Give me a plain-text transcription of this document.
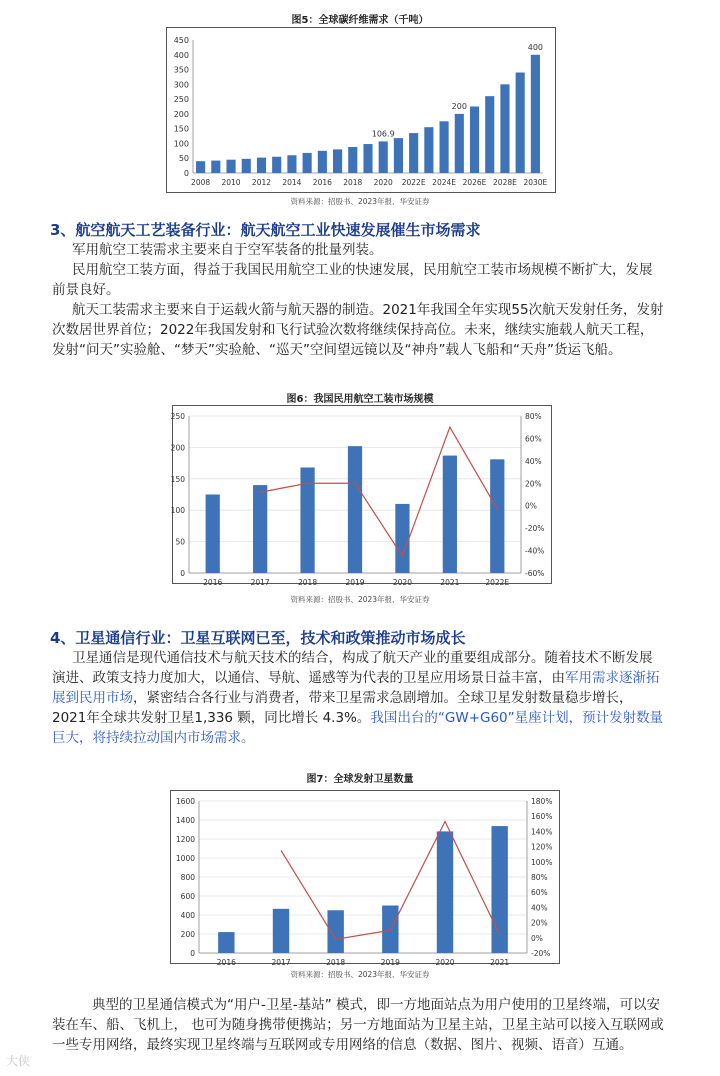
图5：全球碳纤维需求（千吨）
0
50
100
150
200
250
300
350
400
450
2008 2010 2012 2014 2016 2018 2020 2022E 2024E 2026E 2028E 2030E
200
400
106.9
资料来源：招股书、2023年报、华安证券
3、航空航天工艺装备行业：航天航空工业快速发展催生市场需求

军用航空工装需求主要来自于空军装备的批量列装。

民用航空工装方面，得益于我国民用航空工业的快速发展，民用航空工装市场规模不断扩大，发展前景良好。

航天工装需求主要来自于运载火箭与航天器的制造。2021年我国全年实现55次航天发射任务，发射次数居世界首位；2022年我国发射和飞行试验次数将继续保持高位。未来，继续实施载人航天工程，发射“问天”实验舱、“梦天”实验舱、“巡天”空间望远镜以及“神舟”载人飞船和“天舟”货运飞船。

图6：我国民用航空工装市场规模
0
50
100
150
200
250
-60%
-40%
-20%
0%
20%
40%
60%
80%
2016	2017	2018	2019	2020	2021	2022E
资料来源：招股书、2023年报、华安证券
4、卫星通信行业：卫星互联网已至，技术和政策推动市场成长

卫星通信是现代通信技术与航天技术的结合，构成了航天产业的重要组成部分。随着技术不断发展演进、政策支持力度加大，以通信、导航、遥感等为代表的卫星应用场景日益丰富，由军用需求逐渐拓展到民用市场，紧密结合各行业与消费者，带来卫星需求急剧增加。全球卫星发射数量稳步增长，2021年全球共发射卫星1,336 颗，同比增长 4.3%。我国出台的“GW+G60”星座计划，预计发射数量巨大，将持续拉动国内市场需求。

图7：全球发射卫星数量
0
200
400
600
800
1000
1200
1400
1600
-20%
0%
20%
40%
60%
80%
100%
120%
140%
160%
180%
2016	2017	2018	2019	2020	2021
资料来源：招股书、2023年报、华安证券

典型的卫星通信模式为“用户-卫星-基站” 模式，即一方地面站点为用户使用的卫星终端，可以安装在车、船、飞机上， 也可为随身携带便携站；另一方地面站为卫星主站，卫星主站可以接入互联网或一些专用网络，最终实现卫星终端与互联网或专用网络的信息（数据、图片、视频、语音）互通。

大侠
